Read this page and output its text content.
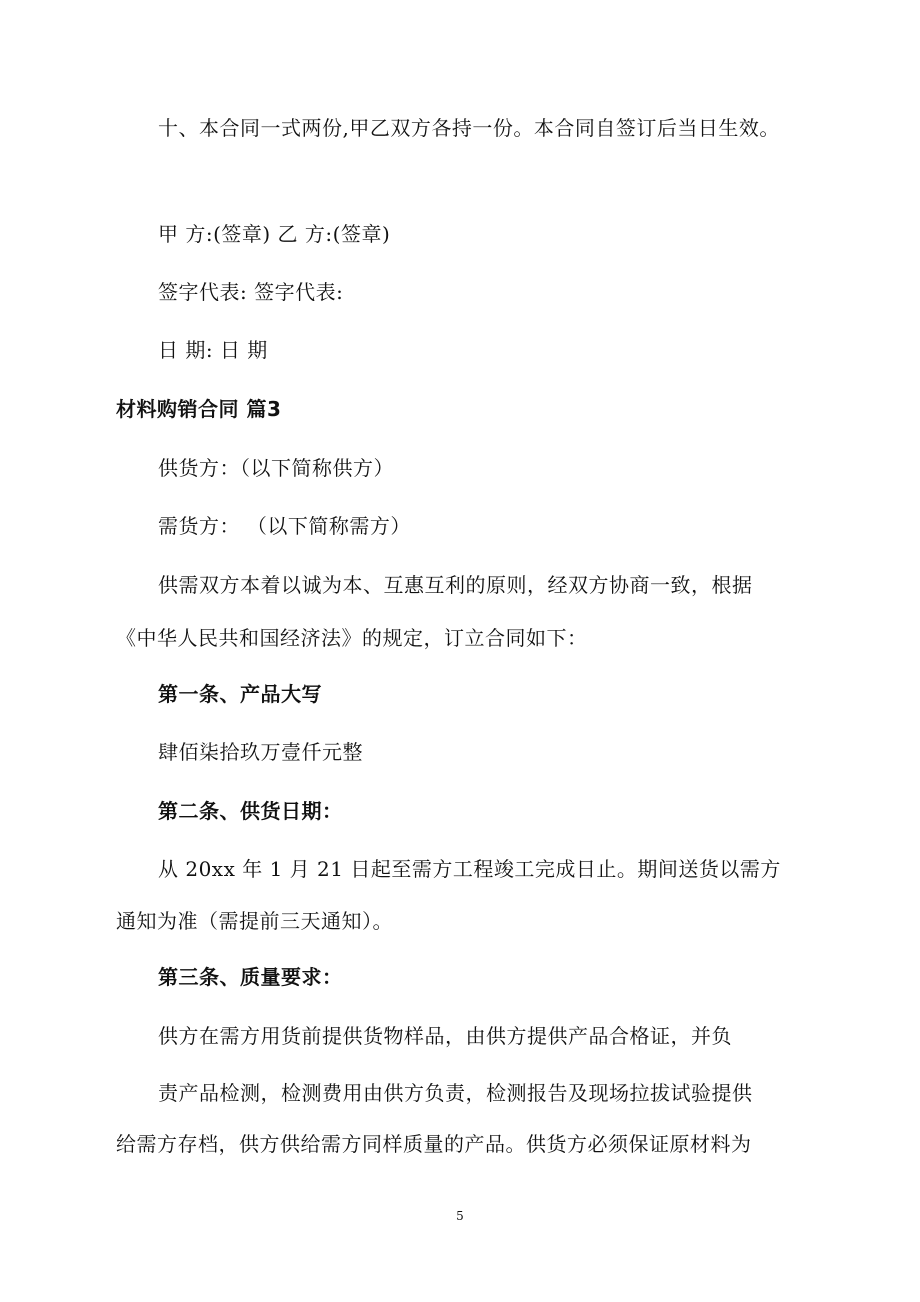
十、本合同一式两份,甲乙双方各持一份。本合同自签订后当日生效。
甲 方:(签章) 乙 方:(签章)
签字代表: 签字代表:
日 期: 日 期
材料购销合同 篇3
供货方：（以下简称供方）
需货方： （以下简称需方）
供需双方本着以诚为本、互惠互利的原则，经双方协商一致，根据
《中华人民共和国经济法》的规定，订立合同如下：
第一条、产品大写
肆佰柒拾玖万壹仟元整
第二条、供货日期：
从 20xx 年 1 月 21 日起至需方工程竣工完成日止。期间送货以需方
通知为准（需提前三天通知）。
第三条、质量要求：
供方在需方用货前提供货物样品，由供方提供产品合格证，并负
责产品检测，检测费用由供方负责，检测报告及现场拉拔试验提供
给需方存档，供方供给需方同样质量的产品。供货方必须保证原材料为
5
